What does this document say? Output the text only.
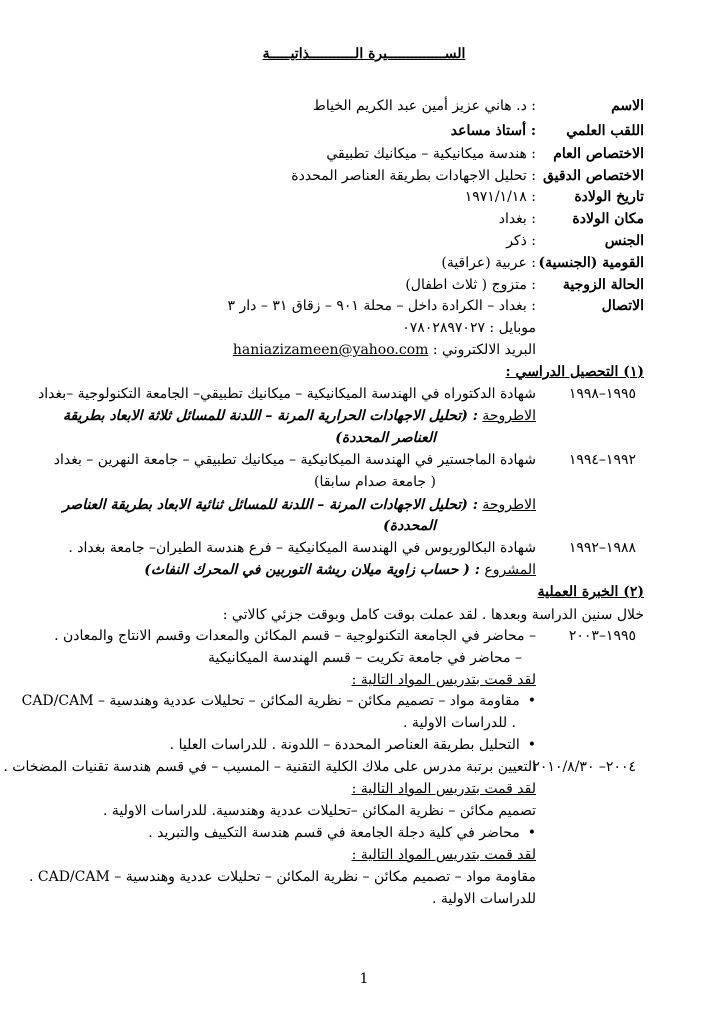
الســــــــــــــيرة الـــــــــــذاتيـــــة
الاسم
: د. هاني عزيز أمين عبد الكريم الخياط
اللقب العلمي
: أستاذ مساعد
الاختصاص العام
: هندسة ميكانيكية – ميكانيك تطبيقي
الاختصاص الدقيق
: تحليل الاجهادات بطريقة العناصر المحددة
تاريخ الولادة
: ١٩٧١/١/١٨
مكان الولادة
: بغداد
الجنس
: ذكر
القومية (الجنسية)
: عربية (عراقية)
الحالة الزوجية
: متزوج ( ثلاث اطفال)
الاتصال
: بغداد – الكرادة داخل – محلة ٩٠١ – زقاق ٣١ – دار ٣
موبايل : ٠٧٨٠٢٨٩٧٠٢٧
البريد الالكتروني : haniazizameen@yahoo.com
(١) التحصيل الدراسي :
١٩٩٥–١٩٩٨
شهادة الدكتوراه في الهندسة الميكانيكية – ميكانيك تطبيقي– الجامعة التكنولوجية –بغداد
الاطروحة : (تحليل الاجهادات الحرارية المرنة – اللدنة للمسائل ثلاثة الابعاد بطريقة
العناصر المحددة)
١٩٩٢–١٩٩٤
شهادة الماجستير في الهندسة الميكانيكية – ميكانيك تطبيقي – جامعة النهرين – بغداد
( جامعة صدام سابقا)
الاطروحة : (تحليل الاجهادات المرنة – اللدنة للمسائل ثنائية الابعاد بطريقة العناصر
المحددة)
١٩٨٨–١٩٩٢
شهادة البكالوريوس في الهندسة الميكانيكية – فرع هندسة الطيران– جامعة بغداد .
المشروع : ( حساب زاوية ميلان ريشة التوربين في المحرك النفاث)
(٢) الخبرة العملية
خلال سنين الدراسة وبعدها . لقد عملت بوقت كامل وبوقت جزئي كالاتي :
١٩٩٥–٢٠٠٣
– محاضر في الجامعة التكنولوجية – قسم المكائن والمعدات وقسم الانتاج والمعادن .
– محاضر في جامعة تكريت – قسم الهندسة الميكانيكية
لقد قمت بتدريس المواد التالية :
• مقاومة مواد – تصميم مكائن – نظرية المكائن – تحليلات عددية وهندسية – CAD/CAM
. للدراسات الاولية .
• التحليل بطريقة العناصر المحددة – اللدونة . للدراسات العليا .
٢٠٠٤– ٢٠١٠/٨/٣٠
التعيين برتبة مدرس على ملاك الكلية التقنية – المسيب – في قسم هندسة تقنيات المضخات .
لقد قمت بتدريس المواد التالية :
تصميم مكائن – نظرية المكائن –تحليلات عددية وهندسية. للدراسات الاولية .
• محاضر في كلية دجلة الجامعة في قسم هندسة التكييف والتبريد .
لقد قمت بتدريس المواد التالية :
مقاومة مواد – تصميم مكائن – نظرية المكائن – تحليلات عددية وهندسية – CAD/CAM .
للدراسات الاولية .
1
